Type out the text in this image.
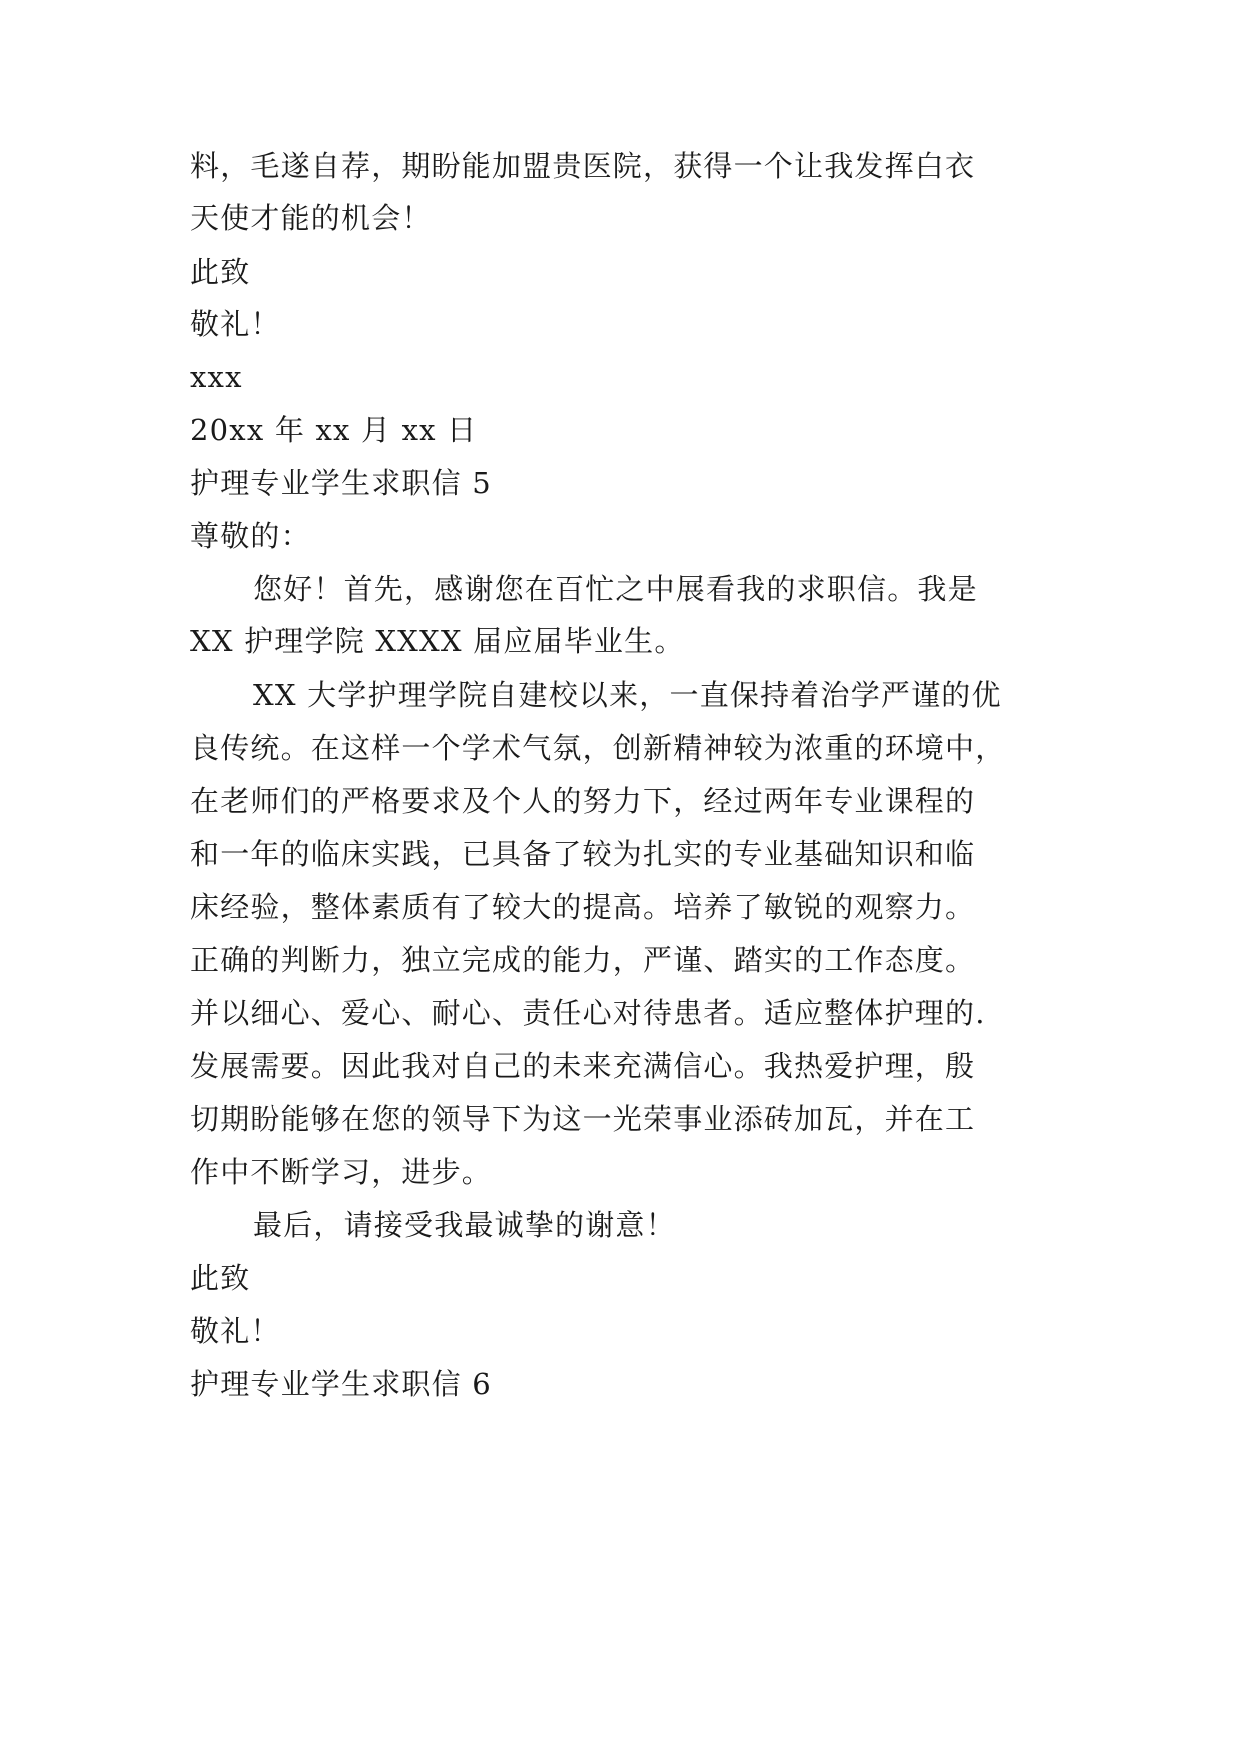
料，毛遂自荐，期盼能加盟贵医院，获得一个让我发挥白衣
天使才能的机会！
此致
敬礼！
xxx
20xx 年 xx 月 xx 日
护理专业学生求职信 5
尊敬的：
您好！首先，感谢您在百忙之中展看我的求职信。我是
XX 护理学院 XXXX 届应届毕业生。
XX 大学护理学院自建校以来，一直保持着治学严谨的优
良传统。在这样一个学术气氛，创新精神较为浓重的环境中，
在老师们的严格要求及个人的努力下，经过两年专业课程的
和一年的临床实践，已具备了较为扎实的专业基础知识和临
床经验，整体素质有了较大的提高。培养了敏锐的观察力。
正确的判断力，独立完成的能力，严谨、踏实的工作态度。
并以细心、爱心、耐心、责任心对待患者。适应整体护理的.
发展需要。因此我对自己的未来充满信心。我热爱护理，殷
切期盼能够在您的领导下为这一光荣事业添砖加瓦，并在工
作中不断学习，进步。
最后，请接受我最诚挚的谢意！
此致
敬礼！
护理专业学生求职信 6
